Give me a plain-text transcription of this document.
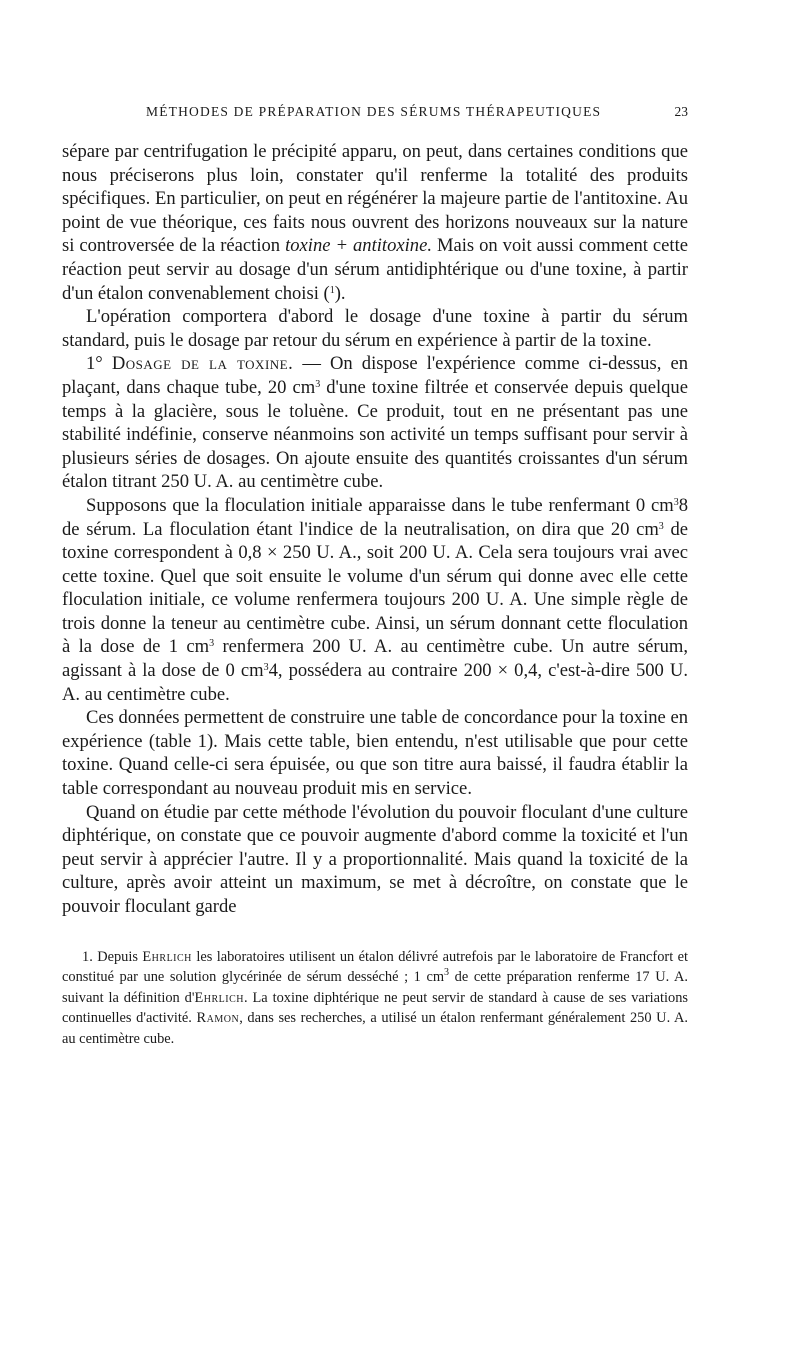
MÉTHODES DE PRÉPARATION DES SÉRUMS THÉRAPEUTIQUES	23

sépare par centrifugation le précipité apparu, on peut, dans certaines conditions que nous préciserons plus loin, constater qu'il renferme la totalité des produits spécifiques. En particulier, on peut en régénérer la majeure partie de l'antitoxine. Au point de vue théorique, ces faits nous ouvrent des horizons nouveaux sur la nature si controversée de la réaction toxine + antitoxine. Mais on voit aussi comment cette réaction peut servir au dosage d'un sérum antidiphtérique ou d'une toxine, à partir d'un étalon convenablement choisi ($^1$).

L'opération comportera d'abord le dosage d'une toxine à partir du sérum standard, puis le dosage par retour du sérum en expérience à partir de la toxine.

1° Dosage de la toxine. — On dispose l'expérience comme ci-dessus, en plaçant, dans chaque tube, 20 $cm^3$ d'une toxine filtrée et conservée depuis quelque temps à la glacière, sous le toluène. Ce produit, tout en ne présentant pas une stabilité indéfinie, conserve néanmoins son activité un temps suffisant pour servir à plusieurs séries de dosages. On ajoute ensuite des quantités croissantes d'un sérum étalon titrant 250 U. A. au centimètre cube.

Supposons que la floculation initiale apparaisse dans le tube renfermant 0 $cm^38$ de sérum. La floculation étant l'indice de la neutralisation, on dira que 20 $cm^3$ de toxine correspondent à 0,8 × 250 U. A., soit 200 U. A. Cela sera toujours vrai avec cette toxine. Quel que soit ensuite le volume d'un sérum qui donne avec elle cette floculation initiale, ce volume renfermera toujours 200 U. A. Une simple règle de trois donne la teneur au centimètre cube. Ainsi, un sérum donnant cette floculation à la dose de 1 $cm^3$ renfermera 200 U. A. au centimètre cube. Un autre sérum, agissant à la dose de 0 $cm^34$, possédera au contraire 200 × 0,4, c'est-à-dire 500 U. A. au centimètre cube.

Ces données permettent de construire une table de concordance pour la toxine en expérience (table 1). Mais cette table, bien entendu, n'est utilisable que pour cette toxine. Quand celle-ci sera épuisée, ou que son titre aura baissé, il faudra établir la table correspondant au nouveau produit mis en service.

Quand on étudie par cette méthode l'évolution du pouvoir floculant d'une culture diphtérique, on constate que ce pouvoir augmente d'abord comme la toxicité et l'un peut servir à apprécier l'autre. Il y a proportionnalité. Mais quand la toxicité de la culture, après avoir atteint un maximum, se met à décroître, on constate que le pouvoir floculant garde

1. Depuis Ehrlich les laboratoires utilisent un étalon délivré autrefois par le laboratoire de Francfort et constitué par une solution glycérinée de sérum desséché ; 1 $cm^3$ de cette préparation renferme 17 U. A. suivant la définition d'Ehrlich. La toxine diphtérique ne peut servir de standard à cause de ses variations continuelles d'activité. Ramon, dans ses recherches, a utilisé un étalon renfermant généralement 250 U. A. au centimètre cube.
